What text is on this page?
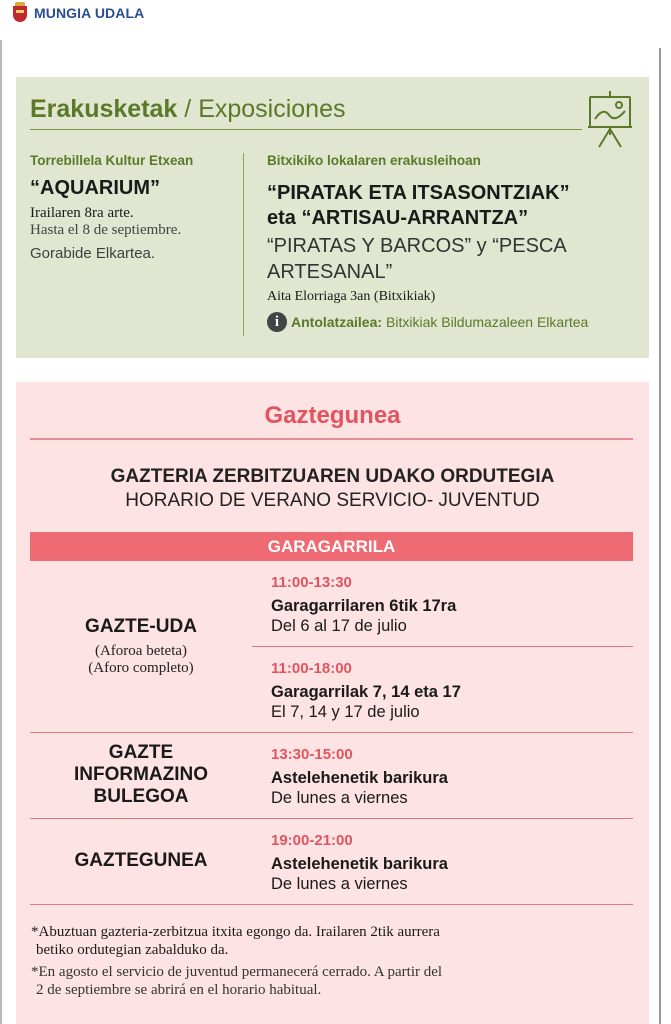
MUNGIA UDALA
Erakusketak / Exposiciones
Torrebillela Kultur Etxean
“AQUARIUM”
Irailaren 8ra arte.
Hasta el 8 de septiembre.
Gorabide Elkartea.
Bitxikiko lokalaren erakusleihoan
“PIRATAK ETA ITSASONTZIAK”
eta “ARTISAU-ARRANTZA”
“PIRATAS Y BARCOS” y “PESCA
ARTESANAL”
Aita Elorriaga 3an (Bitxikiak)
i Antolatzailea: Bitxikiak Bildumazaleen Elkartea
Gaztegunea
GAZTERIA ZERBITZUAREN UDAKO ORDUTEGIA
HORARIO DE VERANO SERVICIO- JUVENTUD
GARAGARRILA
GAZTE-UDA
(Aforoa beteta)
(Aforo completo)
11:00-13:30
Garagarrilaren 6tik 17ra
Del 6 al 17 de julio
11:00-18:00
Garagarrilak 7, 14 eta 17
El 7, 14 y 17 de julio
GAZTE
INFORMAZINO
BULEGOA
13:30-15:00
Astelehenetik barikura
De lunes a viernes
GAZTEGUNEA
19:00-21:00
Astelehenetik barikura
De lunes a viernes
*Abuztuan gazteria-zerbitzua itxita egongo da. Irailaren 2tik aurrera
betiko ordutegian zabalduko da.
*En agosto el servicio de juventud permanecerá cerrado. A partir del
2 de septiembre se abrirá en el horario habitual.
